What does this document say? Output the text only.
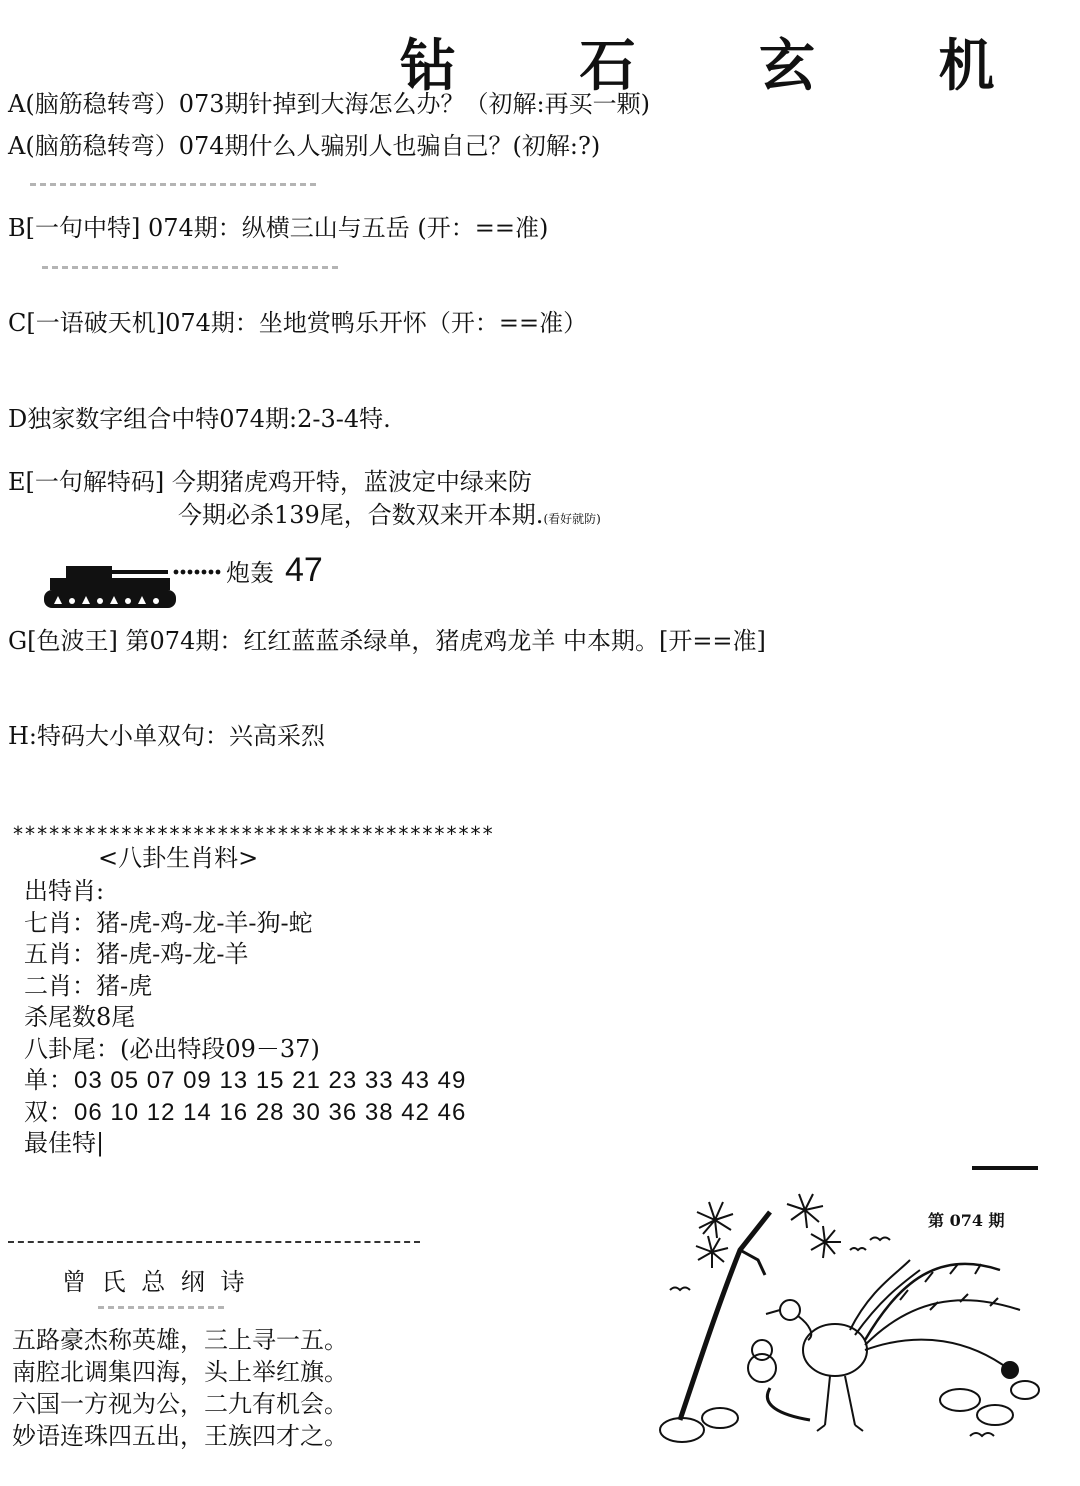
钻 石 玄 机
A(脑筋稳转弯）073期针掉到大海怎么办？（初解:再买一颗)
A(脑筋稳转弯）074期什么人骗别人也骗自己？(初解:?)
B[一句中特] 074期：纵横三山与五岳 (开：==准)
C[一语破天机]074期：坐地赏鸭乐开怀（开：==准）
D独家数字组合中特074期:2-3-4特.
E[一句解特码] 今期猪虎鸡开特，蓝波定中绿来防
今期必杀139尾，合数双来开本期.(看好就防)
炮轰 47
G[色波王] 第074期：红红蓝蓝杀绿单，猪虎鸡龙羊 中本期。[开==准]
H:特码大小单双句：兴高采烈
****************************************
<八卦生肖料>
出特肖:
七肖：猪-虎-鸡-龙-羊-狗-蛇
五肖：猪-虎-鸡-龙-羊
二肖：猪-虎
杀尾数8尾
八卦尾：(必出特段09－37)
单：03 05 07 09 13 15 21 23 33 43 49
双：06 10 12 14 16 28 30 36 38 42 46
最佳特|
曾 氏 总 纲 诗
五路豪杰称英雄，三上寻一五。
南腔北调集四海，头上举红旗。
六国一方视为公，二九有机会。
妙语连珠四五出，王族四才之。
第 074 期
